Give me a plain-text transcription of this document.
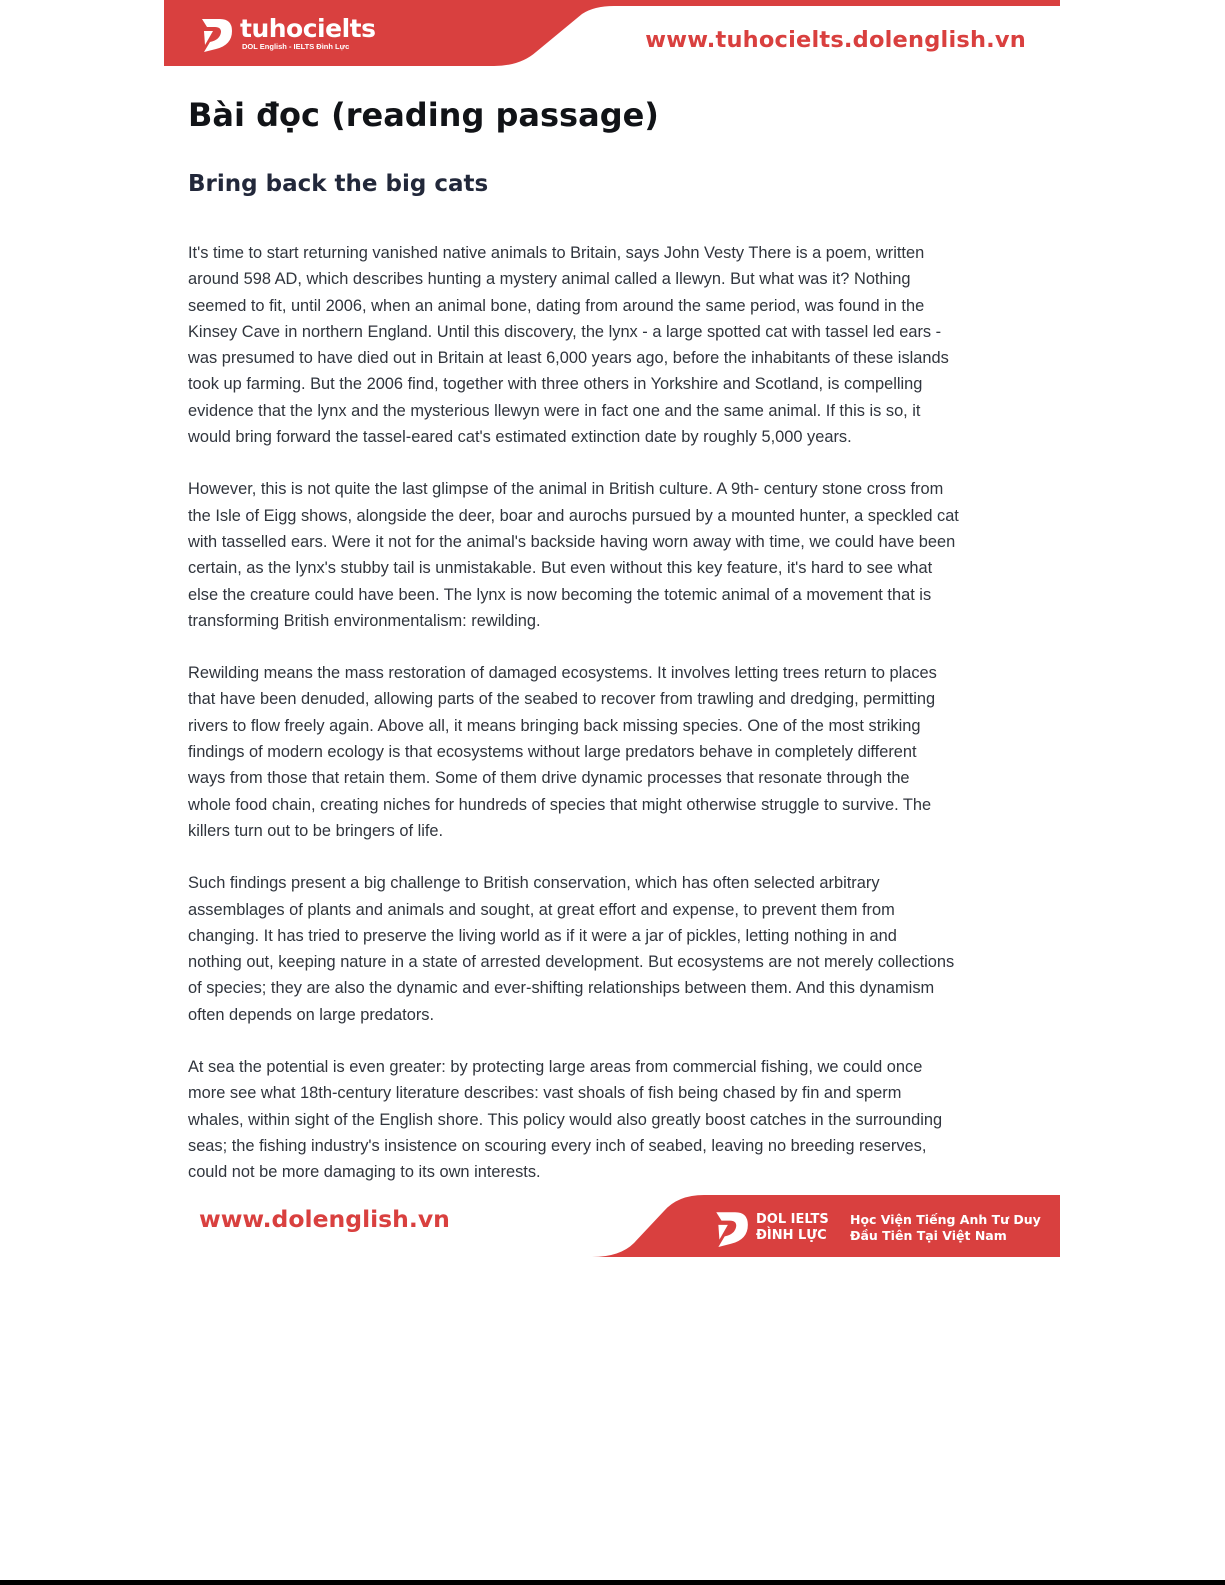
tuhocielts
DOL English - IELTS Đình Lực	www.tuhocielts.dolenglish.vn
Bài đọc (reading passage)
Bring back the big cats

It's time to start returning vanished native animals to Britain, says John Vesty There is a poem, written
around 598 AD, which describes hunting a mystery animal called a llewyn. But what was it? Nothing
seemed to fit, until 2006, when an animal bone, dating from around the same period, was found in the
Kinsey Cave in northern England. Until this discovery, the lynx - a large spotted cat with tassel led ears -
was presumed to have died out in Britain at least 6,000 years ago, before the inhabitants of these islands
took up farming. But the 2006 find, together with three others in Yorkshire and Scotland, is compelling
evidence that the lynx and the mysterious llewyn were in fact one and the same animal. If this is so, it
would bring forward the tassel-eared cat's estimated extinction date by roughly 5,000 years.

However, this is not quite the last glimpse of the animal in British culture. A 9th- century stone cross from
the Isle of Eigg shows, alongside the deer, boar and aurochs pursued by a mounted hunter, a speckled cat
with tasselled ears. Were it not for the animal's backside having worn away with time, we could have been
certain, as the lynx's stubby tail is unmistakable. But even without this key feature, it's hard to see what
else the creature could have been. The lynx is now becoming the totemic animal of a movement that is
transforming British environmentalism: rewilding.

Rewilding means the mass restoration of damaged ecosystems. It involves letting trees return to places
that have been denuded, allowing parts of the seabed to recover from trawling and dredging, permitting
rivers to flow freely again. Above all, it means bringing back missing species. One of the most striking
findings of modern ecology is that ecosystems without large predators behave in completely different
ways from those that retain them. Some of them drive dynamic processes that resonate through the
whole food chain, creating niches for hundreds of species that might otherwise struggle to survive. The
killers turn out to be bringers of life.

Such findings present a big challenge to British conservation, which has often selected arbitrary
assemblages of plants and animals and sought, at great effort and expense, to prevent them from
changing. It has tried to preserve the living world as if it were a jar of pickles, letting nothing in and
nothing out, keeping nature in a state of arrested development. But ecosystems are not merely collections
of species; they are also the dynamic and ever-shifting relationships between them. And this dynamism
often depends on large predators.

At sea the potential is even greater: by protecting large areas from commercial fishing, we could once
more see what 18th-century literature describes: vast shoals of fish being chased by fin and sperm
whales, within sight of the English shore. This policy would also greatly boost catches in the surrounding
seas; the fishing industry's insistence on scouring every inch of seabed, leaving no breeding reserves,
could not be more damaging to its own interests.

www.dolenglish.vn	DOL IELTS
ĐÌNH LỰC
Học Viện Tiếng Anh Tư Duy
Đầu Tiên Tại Việt Nam
